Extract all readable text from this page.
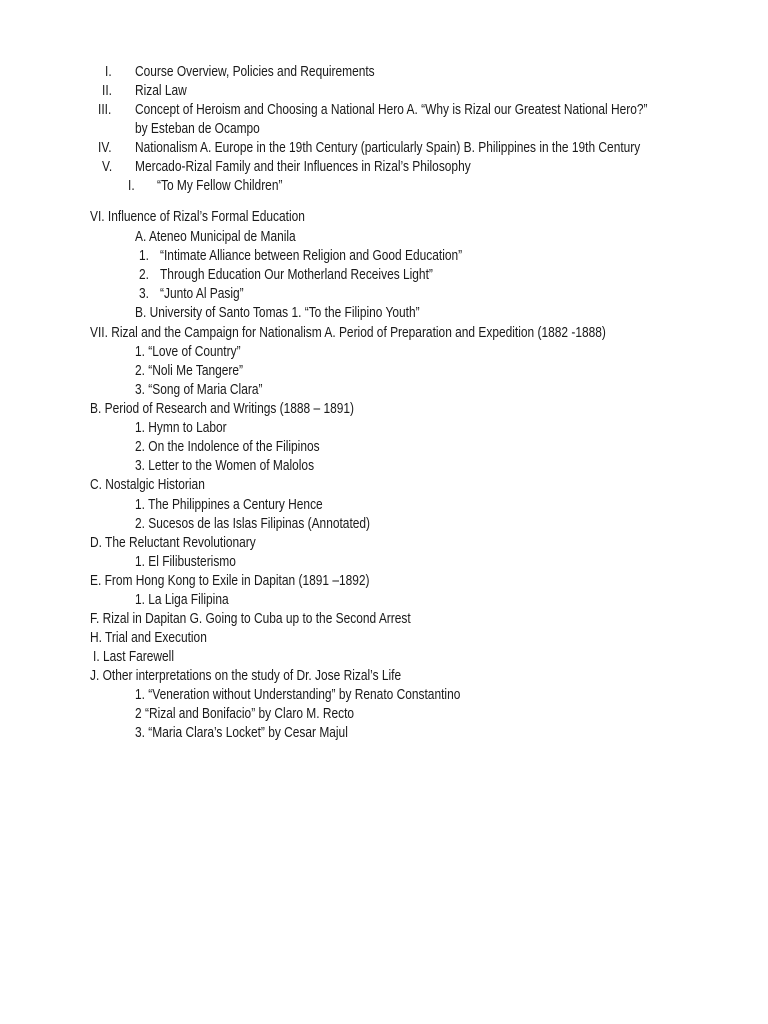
I. Course Overview, Policies and Requirements
II. Rizal Law
III. Concept of Heroism and Choosing a National Hero A. “Why is Rizal our Greatest National Hero?”
by Esteban de Ocampo
IV. Nationalism A. Europe in the 19th Century (particularly Spain) B. Philippines in the 19th Century
V. Mercado-Rizal Family and their Influences in Rizal’s Philosophy
I. “To My Fellow Children”
VI. Influence of Rizal’s Formal Education
A. Ateneo Municipal de Manila
1. “Intimate Alliance between Religion and Good Education”
2. Through Education Our Motherland Receives Light”
3. “Junto Al Pasig”
B. University of Santo Tomas 1. “To the Filipino Youth”
VII. Rizal and the Campaign for Nationalism A. Period of Preparation and Expedition (1882 -1888)
1. “Love of Country”
2. “Noli Me Tangere”
3. “Song of Maria Clara”
B. Period of Research and Writings (1888 – 1891)
1. Hymn to Labor
2. On the Indolence of the Filipinos
3. Letter to the Women of Malolos
C. Nostalgic Historian
1. The Philippines a Century Hence
2. Sucesos de las Islas Filipinas (Annotated)
D. The Reluctant Revolutionary
1. El Filibusterismo
E. From Hong Kong to Exile in Dapitan (1891 –1892)
1. La Liga Filipina
F. Rizal in Dapitan G. Going to Cuba up to the Second Arrest
H. Trial and Execution
I. Last Farewell
J. Other interpretations on the study of Dr. Jose Rizal’s Life
1. “Veneration without Understanding” by Renato Constantino
2 “Rizal and Bonifacio” by Claro M. Recto
3. “Maria Clara’s Locket” by Cesar Majul
